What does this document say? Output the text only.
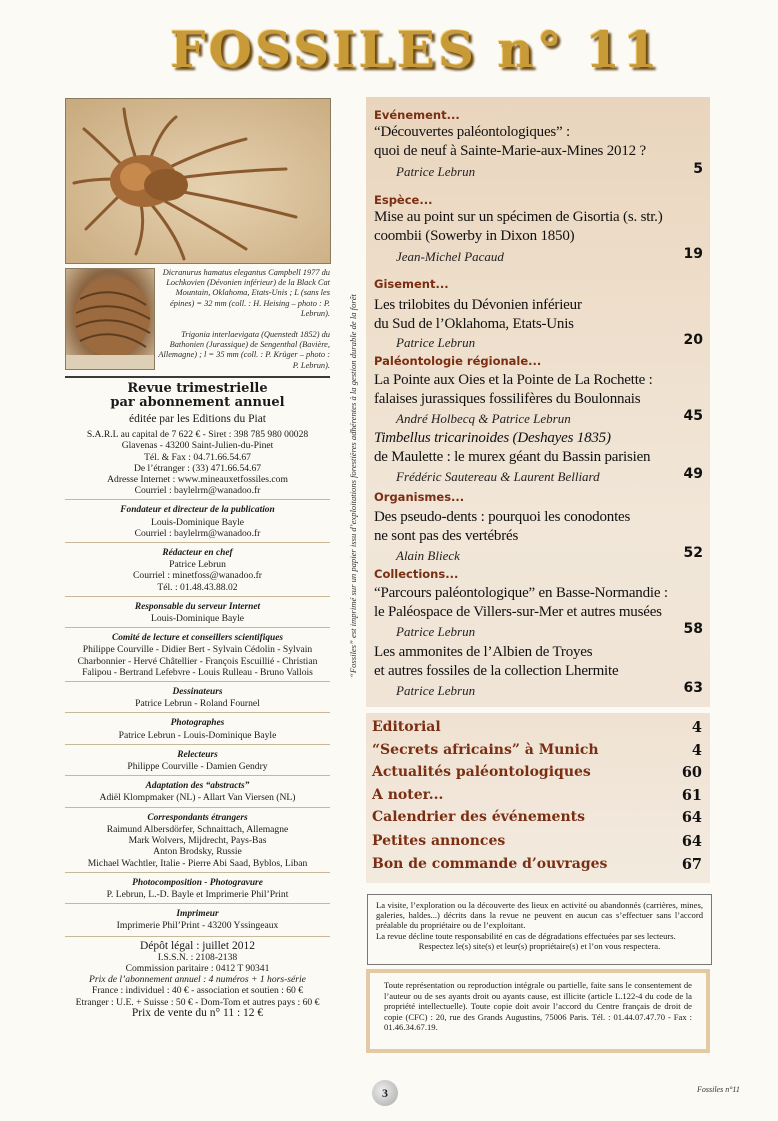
FOSSILES n° 11
Dicranurus hamatus elegantus Campbell 1977 du Lochkovien (Dévonien inférieur) de la Black Cat Mountain, Oklahoma, Etats-Unis ; L (sans les épines) = 32 mm (coll. : H. Heising – photo : P. Lebrun).
Trigonia interlaevigata (Quenstedt 1852) du Bathonien (Jurassique) de Sengenthal (Bavière, Allemagne) ; l = 35 mm (coll. : P. Krüger – photo : P. Lebrun).
Revue trimestrielle
par abonnement annuel
éditée par les Editions du Piat
S.A.R.L au capital de 7 622 € - Siret : 398 785 980 00028
Glavenas - 43200 Saint-Julien-du-Pinet
Tél. & Fax : 04.71.66.54.67
De l’étranger : (33) 471.66.54.67
Adresse Internet : www.mineauxetfossiles.com
Courriel : baylelrm@wanadoo.fr
Fondateur et directeur de la publication
Louis-Dominique Bayle
Courriel : baylelrm@wanadoo.fr
Rédacteur en chef
Patrice Lebrun
Courriel : minetfoss@wanadoo.fr
Tél. : 01.48.43.88.02
Responsable du serveur Internet
Louis-Dominique Bayle
Comité de lecture et conseillers scientifiques
Philippe Courville - Didier Bert - Sylvain Cédolin - Sylvain
Charbonnier - Hervé Châtellier - François Escuillié - Christian
Falipou - Bertrand Lefebvre - Louis Rulleau - Bruno Vallois
Dessinateurs
Patrice Lebrun - Roland Fournel
Photographes
Patrice Lebrun - Louis-Dominique Bayle
Relecteurs
Philippe Courville - Damien Gendry
Adaptation des “abstracts”
Adiël Klompmaker (NL) - Allart Van Viersen (NL)
Correspondants étrangers
Raimund Albersdörfer, Schnaittach, Allemagne
Mark Wolvers, Mijdrecht, Pays-Bas
Anton Brodsky, Russie
Michael Wachtler, Italie - Pierre Abi Saad, Byblos, Liban
Photocomposition - Photogravure
P. Lebrun, L.-D. Bayle et Imprimerie Phil’Print
Imprimeur
Imprimerie Phil’Print - 43200 Yssingeaux
Dépôt légal : juillet 2012
I.S.S.N. : 2108-2138
Commission paritaire : 0412 T 90341
Prix de l’abonnement annuel : 4 numéros + 1 hors-série
France : individuel : 40 € - association et soutien : 60 €
Etranger : U.E. + Suisse : 50 € - Dom-Tom et autres pays : 60 €
Prix de vente du n° 11 : 12 €
“Fossiles” est imprimé sur un papier issu d’exploitations forestières adhérentes à la gestion durable de la forêt
Evénement...
“Découvertes paléontologiques” :
quoi de neuf à Sainte-Marie-aux-Mines 2012 ?
Patrice Lebrun	5
Espèce...
Mise au point sur un spécimen de Gisortia (s. str.)
coombii (Sowerby in Dixon 1850)
Jean-Michel Pacaud	19
Gisement...
Les trilobites du Dévonien inférieur
du Sud de l’Oklahoma, Etats-Unis
Patrice Lebrun	20
Paléontologie régionale...
La Pointe aux Oies et la Pointe de La Rochette :
falaises jurassiques fossilifères du Boulonnais
André Holbecq & Patrice Lebrun	45
Timbellus tricarinoides (Deshayes 1835)
de Maulette : le murex géant du Bassin parisien
Frédéric Sautereau & Laurent Belliard	49
Organismes...
Des pseudo-dents : pourquoi les conodontes
ne sont pas des vertébrés
Alain Blieck	52
Collections...
“Parcours paléontologique” en Basse-Normandie :
le Paléospace de Villers-sur-Mer et autres musées
Patrice Lebrun	58
Les ammonites de l’Albien de Troyes
et autres fossiles de la collection Lhermite
Patrice Lebrun	63
Editorial	4
“Secrets africains” à Munich	4
Actualités paléontologiques	60
A noter...	61
Calendrier des événements	64
Petites annonces	64
Bon de commande d’ouvrages	67

La visite, l’exploration ou la découverte des lieux en activité ou abandonnés (carrières, mines, galeries, haldes...) décrits dans la revue ne peuvent en aucun cas s’effectuer sans l’accord préalable du propriétaire ou de l’exploitant.
La revue décline toute responsabilité en cas de dégradations effectuées par ses lecteurs.

Respectez le(s) site(s) et leur(s) propriétaire(s) et l’on vous respectera.

Toute représentation ou reproduction intégrale ou partielle, faite sans le consentement de l’auteur ou de ses ayants droit ou ayants cause, est illicite (article L.122-4 du code de la propriété intellectuelle). Toute copie doit avoir l’accord du Centre français de droit de copie (CFC) : 20, rue des Grands Augustins, 75006 Paris. Tél. : 01.44.07.47.70 - Fax : 01.46.34.67.19.

3	Fossiles n°11
